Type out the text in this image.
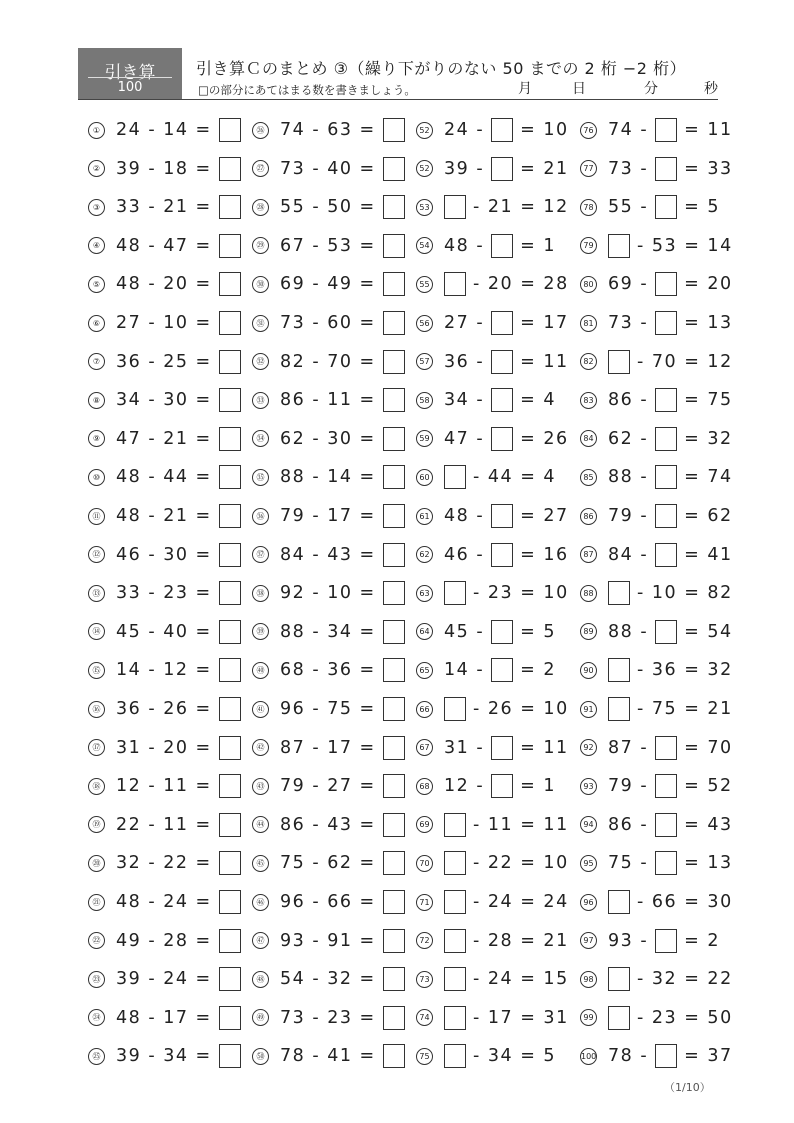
引き算
100
引き算Ｃのまとめ ③（繰り下がりのない 50 までの 2 桁 −2 桁）
□の部分にあてはまる数を書きましょう。	月	日	分	秒
① 24 - 14 =
② 39 - 18 =
③ 33 - 21 =
④ 48 - 47 =
⑤ 48 - 20 =
⑥ 27 - 10 =
⑦ 36 - 25 =
⑧ 34 - 30 =
⑨ 47 - 21 =
⑩ 48 - 44 =
⑪ 48 - 21 =
⑫ 46 - 30 =
⑬ 33 - 23 =
⑭ 45 - 40 =
⑮ 14 - 12 =
⑯ 36 - 26 =
⑰ 31 - 20 =
⑱ 12 - 11 =
⑲ 22 - 11 =
⑳ 32 - 22 =
㉑ 48 - 24 =
㉒ 49 - 28 =
㉓ 39 - 24 =
㉔ 48 - 17 =
㉕ 39 - 34 =
㉖ 74 - 63 =
㉗ 73 - 40 =
㉘ 55 - 50 =
㉙ 67 - 53 =
㉚ 69 - 49 =
㉛ 73 - 60 =
㉜ 82 - 70 =
㉝ 86 - 11 =
㉞ 62 - 30 =
㉟ 88 - 14 =
㊱ 79 - 17 =
㊲ 84 - 43 =
㊳ 92 - 10 =
㊴ 88 - 34 =
㊵ 68 - 36 =
㊶ 96 - 75 =
㊷ 87 - 17 =
㊸ 79 - 27 =
㊹ 86 - 43 =
㊺ 75 - 62 =
㊻ 96 - 66 =
㊼ 93 - 91 =
㊽ 54 - 32 =
㊾ 73 - 23 =
㊿ 78 - 41 =
52 24 - = 10
52 39 - = 21
53 - 21 = 12
54 48 - = 1
55 - 20 = 28
56 27 - = 17
57 36 - = 11
58 34 - = 4
59 47 - = 26
60 - 44 = 4
61 48 - = 27
62 46 - = 16
63 - 23 = 10
64 45 - = 5
65 14 - = 2
66 - 26 = 10
67 31 - = 11
68 12 - = 1
69 - 11 = 11
70 - 22 = 10
71 - 24 = 24
72 - 28 = 21
73 - 24 = 15
74 - 17 = 31
75 - 34 = 5
76 74 - = 11
77 73 - = 33
78 55 - = 5
79 - 53 = 14
80 69 - = 20
81 73 - = 13
82 - 70 = 12
83 86 - = 75
84 62 - = 32
85 88 - = 74
86 79 - = 62
87 84 - = 41
88 - 10 = 82
89 88 - = 54
90 - 36 = 32
91 - 75 = 21
92 87 - = 70
93 79 - = 52
94 86 - = 43
95 75 - = 13
96 - 66 = 30
97 93 - = 2
98 - 32 = 22
99 - 23 = 50
100 78 - = 37
（1/10）
